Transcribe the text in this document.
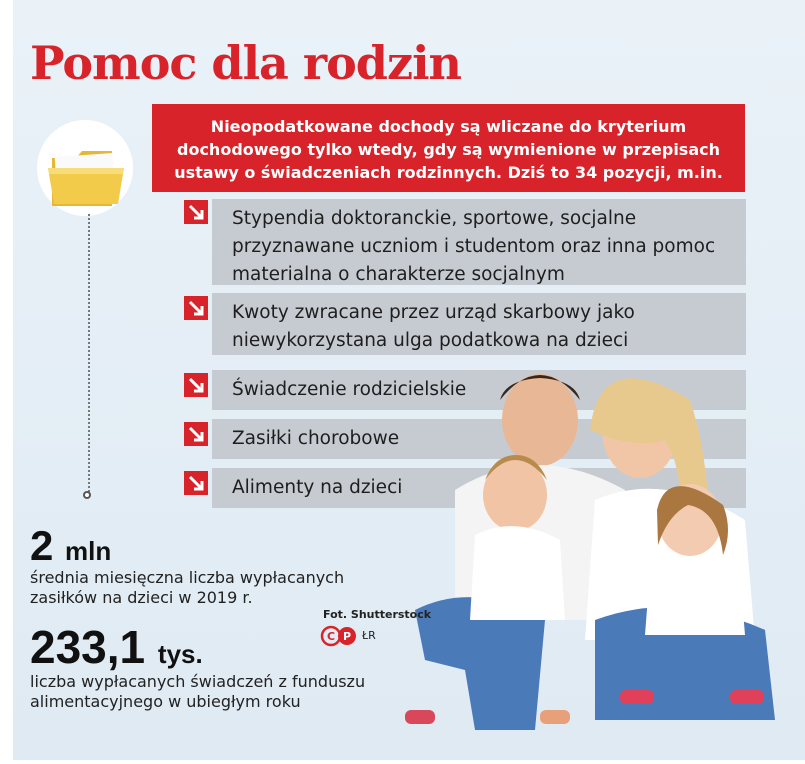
Pomoc dla rodzin
Nieopodatkowane dochody są wliczane do kryterium dochodowego tylko wtedy, gdy są wymienione w przepisach ustawy o świadczeniach rodzinnych. Dziś to 34 pozycji, m.in.
Stypendia doktoranckie, sportowe, socjalne przyznawane uczniom i studentom oraz inna pomoc materialna o charakterze socjalnym
Kwoty zwracane przez urząd skarbowy jako niewykorzystana ulga podatkowa na dzieci
Świadczenie rodzicielskie
Zasiłki chorobowe
Alimenty na dzieci
2 mln
średnia miesięczna liczba wypłacanych zasiłków na dzieci w 2019 r.
233,1 tys.
liczba wypłacanych świadczeń z funduszu alimentacyjnego w ubiegłym roku
Fot. Shutterstock
C P ŁR
